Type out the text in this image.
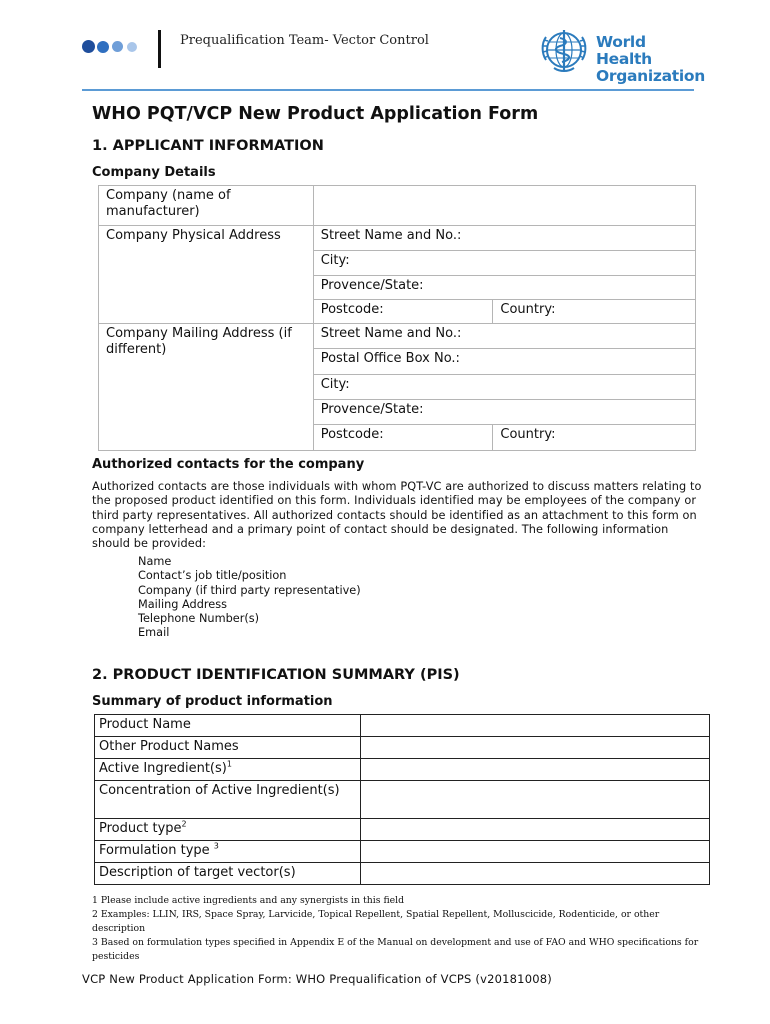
Prequalification Team- Vector Control	World Health
Organization
WHO PQT/VCP New Product Application Form
1. APPLICANT INFORMATION
Company Details
Company (name of manufacturer)		
Company Physical Address	Street Name and No.:	
	City:	
	Provence/State:	
	Postcode:	Country:
Company Mailing Address (if different)	Street Name and No.:	
	Postal Office Box No.:	
	City:	
	Provence/State:	
	Postcode:	Country:
Authorized contacts for the company
Authorized contacts are those individuals with whom PQT-VC are authorized to discuss matters relating to the proposed product identified on this form. Individuals identified may be employees of the company or third party representatives. All authorized contacts should be identified as an attachment to this form on company letterhead and a primary point of contact should be designated. The following information should be provided:
Name
Contact’s job title/position
Company (if third party representative)
Mailing Address
Telephone Number(s)
Email
2. PRODUCT IDENTIFICATION SUMMARY (PIS)
Summary of product information
Product Name	
Other Product Names	
Active $Ingredient(s)^1$	
Concentration of Active Ingredient(s)	
Product type$^2$	
Formulation type $^3$	
Description of target vector(s)	
1 Please include active ingredients and any synergists in this field
2 Examples: LLIN, IRS, Space Spray, Larvicide, Topical Repellent, Spatial Repellent, Molluscicide, Rodenticide, or other description
3 Based on formulation types specified in Appendix E of the Manual on development and use of FAO and WHO specifications for pesticides
VCP New Product Application Form: WHO Prequalification of VCPS (v20181008)
